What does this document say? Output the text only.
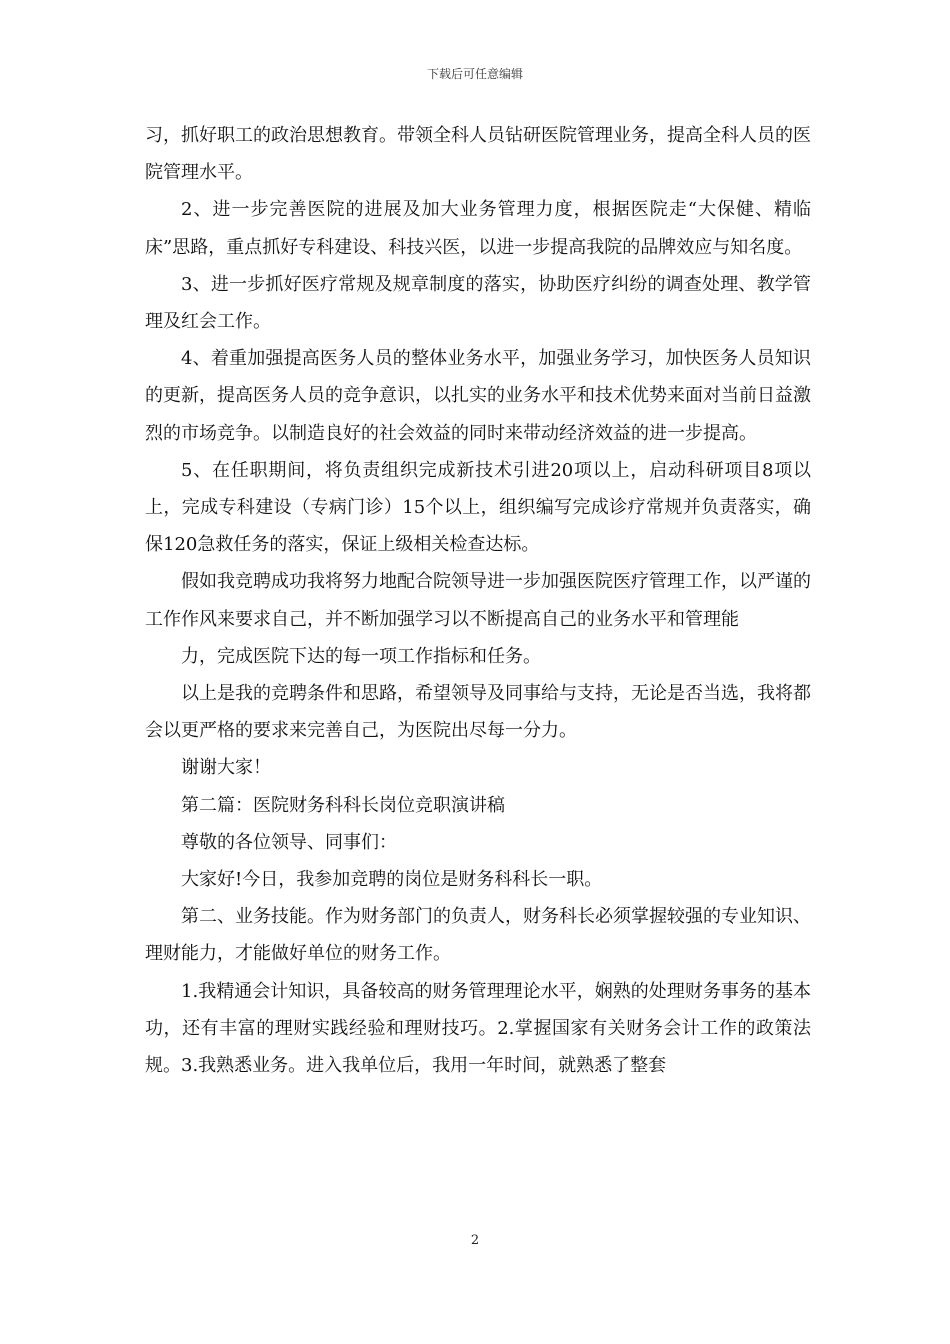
下载后可任意编辑

习，抓好职工的政治思想教育。带领全科人员钻研医院管理业务，提高全科人员的医院管理水平。

2、进一步完善医院的进展及加大业务管理力度，根据医院走“大保健、精临床”思路，重点抓好专科建设、科技兴医，以进一步提高我院的品牌效应与知名度。

3、进一步抓好医疗常规及规章制度的落实，协助医疗纠纷的调查处理、教学管理及红会工作。

4、着重加强提高医务人员的整体业务水平，加强业务学习，加快医务人员知识的更新，提高医务人员的竞争意识，以扎实的业务水平和技术优势来面对当前日益激烈的市场竞争。以制造良好的社会效益的同时来带动经济效益的进一步提高。

5、在任职期间，将负责组织完成新技术引进20项以上，启动科研项目8项以上，完成专科建设（专病门诊）15个以上，组织编写完成诊疗常规并负责落实，确保120急救任务的落实，保证上级相关检查达标。

假如我竞聘成功我将努力地配合院领导进一步加强医院医疗管理工作，以严谨的工作作风来要求自己，并不断加强学习以不断提高自己的业务水平和管理能

力，完成医院下达的每一项工作指标和任务。

以上是我的竞聘条件和思路，希望领导及同事给与支持，无论是否当选，我将都会以更严格的要求来完善自己，为医院出尽每一分力。

谢谢大家！

第二篇：医院财务科科长岗位竞职演讲稿

尊敬的各位领导、同事们：

大家好!今日，我参加竞聘的岗位是财务科科长一职。

第二、业务技能。作为财务部门的负责人，财务科长必须掌握较强的专业知识、理财能力，才能做好单位的财务工作。

1.我精通会计知识，具备较高的财务管理理论水平，娴熟的处理财务事务的基本功，还有丰富的理财实践经验和理财技巧。2.掌握国家有关财务会计工作的政策法规。3.我熟悉业务。进入我单位后，我用一年时间，就熟悉了整套

2
